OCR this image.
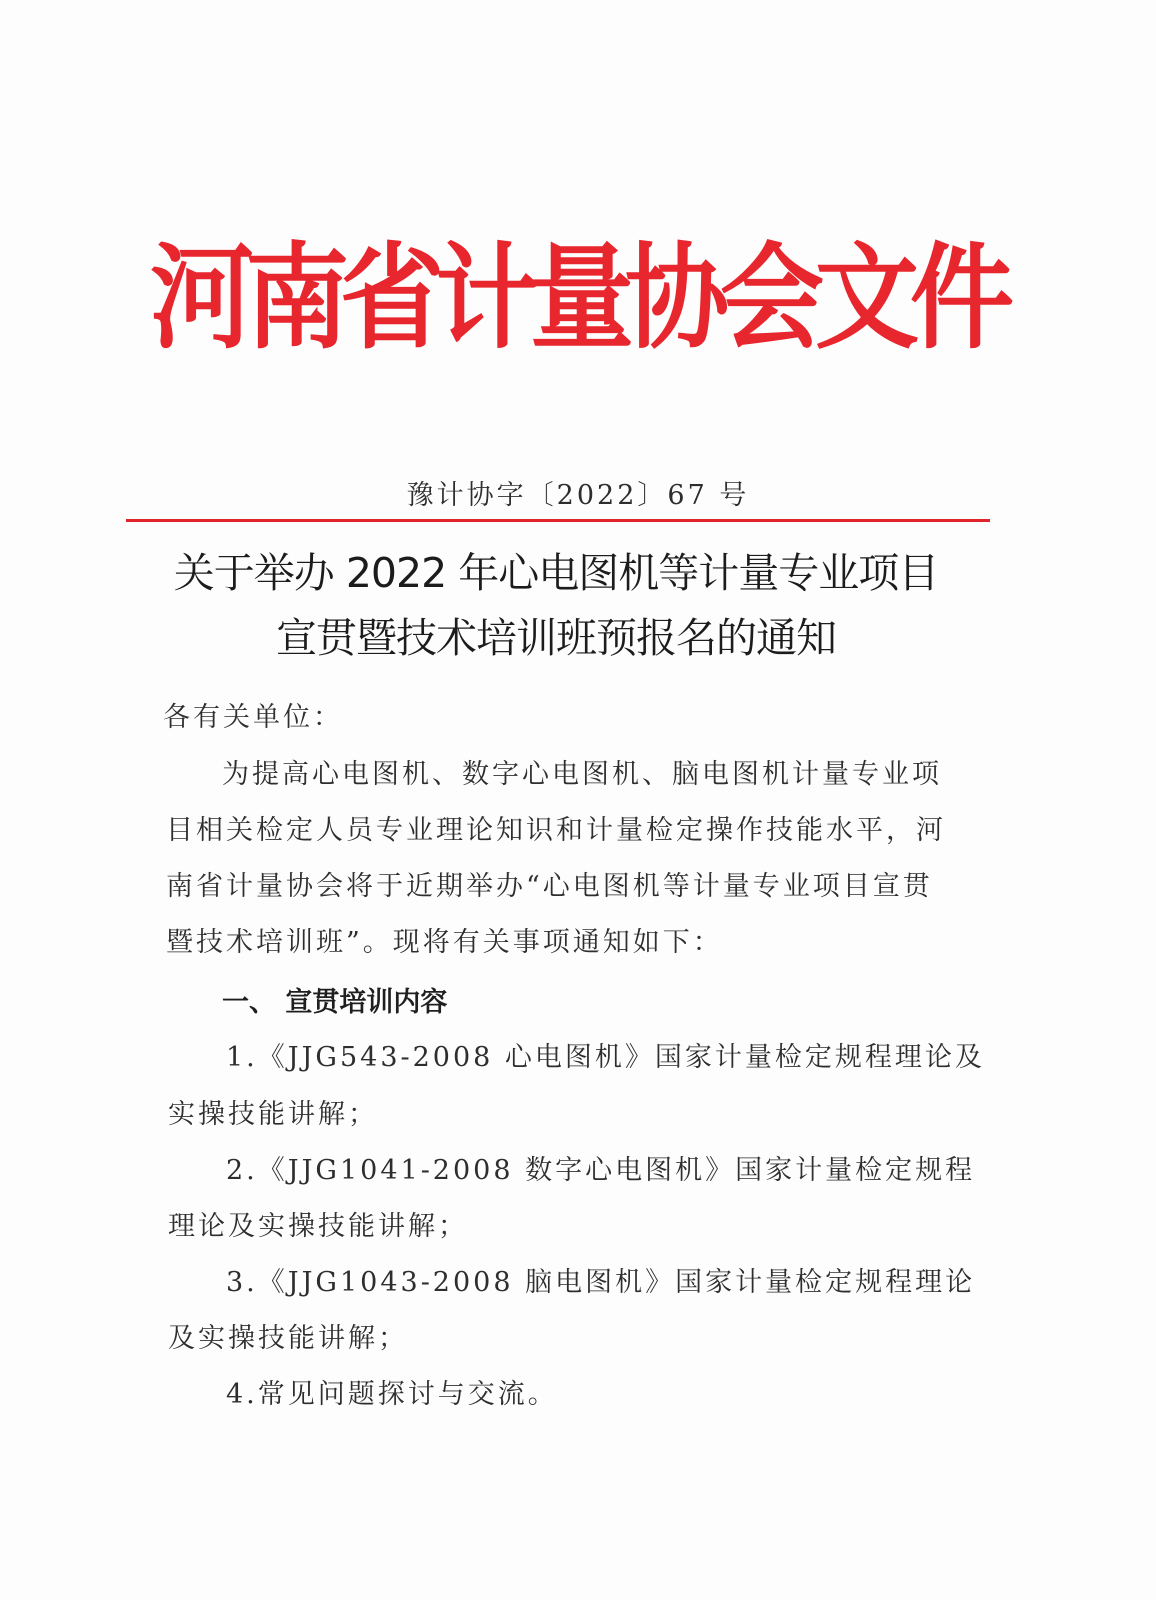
河南省计量协会文件
豫计协字〔2022〕67 号
关于举办 2022 年心电图机等计量专业项目
宣贯暨技术培训班预报名的通知
各有关单位：
为提高心电图机、数字心电图机、脑电图机计量专业项
目相关检定人员专业理论知识和计量检定操作技能水平，河
南省计量协会将于近期举办“心电图机等计量专业项目宣贯
暨技术培训班”。现将有关事项通知如下：
一、 宣贯培训内容
1.《JJG543-2008 心电图机》国家计量检定规程理论及
实操技能讲解；
2.《JJG1041-2008 数字心电图机》国家计量检定规程
理论及实操技能讲解；
3.《JJG1043-2008 脑电图机》国家计量检定规程理论
及实操技能讲解；
4.常见问题探讨与交流。
